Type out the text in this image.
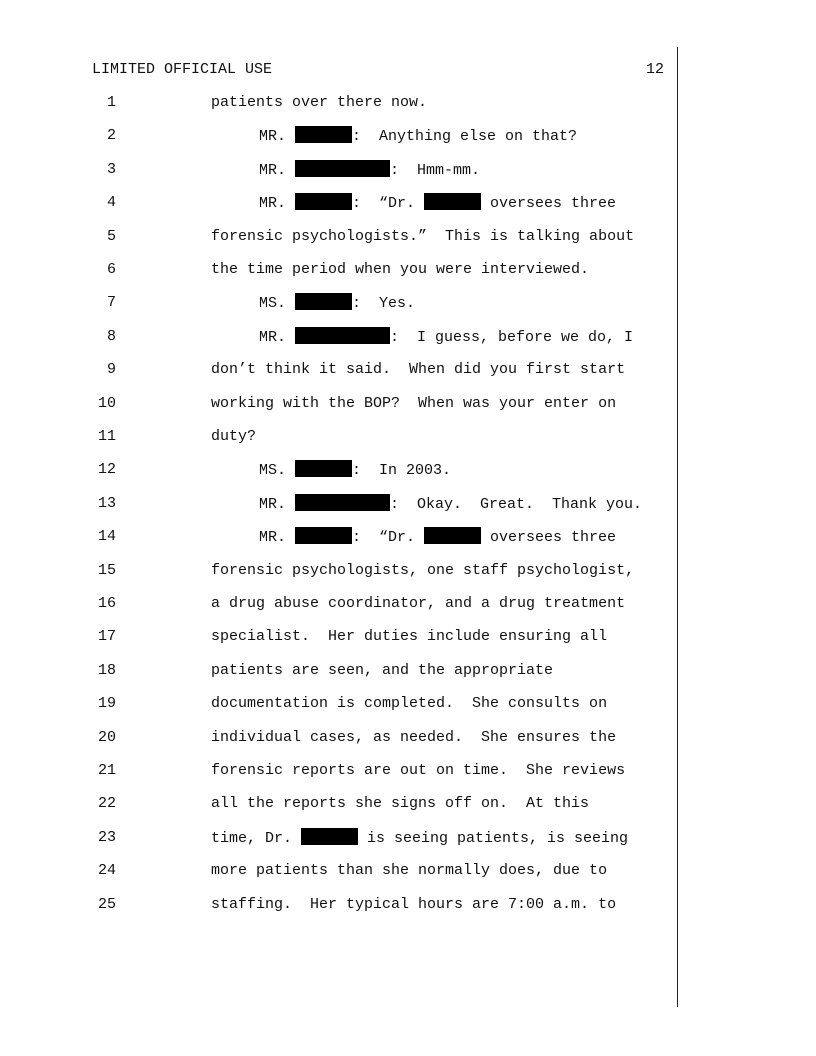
LIMITED OFFICIAL USE	12
1	patients over there now.
2	MR.	:  Anything else on that?
3	MR.	:  Hmm-mm.
4	MR.	:  “Dr.	oversees three
5	forensic psychologists.”  This is talking about
6	the time period when you were interviewed.
7	MS.	:  Yes.
8	MR.	:  I guess, before we do, I
9	don’t think it said.  When did you first start
10	working with the BOP?  When was your enter on
11	duty?
12	MS.	:  In 2003.
13	MR.	:  Okay.  Great.  Thank you.
14	MR.	:  “Dr.	oversees three
15	forensic psychologists, one staff psychologist,
16	a drug abuse coordinator, and a drug treatment
17	specialist.  Her duties include ensuring all
18	patients are seen, and the appropriate
19	documentation is completed.  She consults on
20	individual cases, as needed.  She ensures the
21	forensic reports are out on time.  She reviews
22	all the reports she signs off on.  At this
23	time, Dr.	is seeing patients, is seeing
24	more patients than she normally does, due to
25	staffing.  Her typical hours are 7:00 a.m. to
